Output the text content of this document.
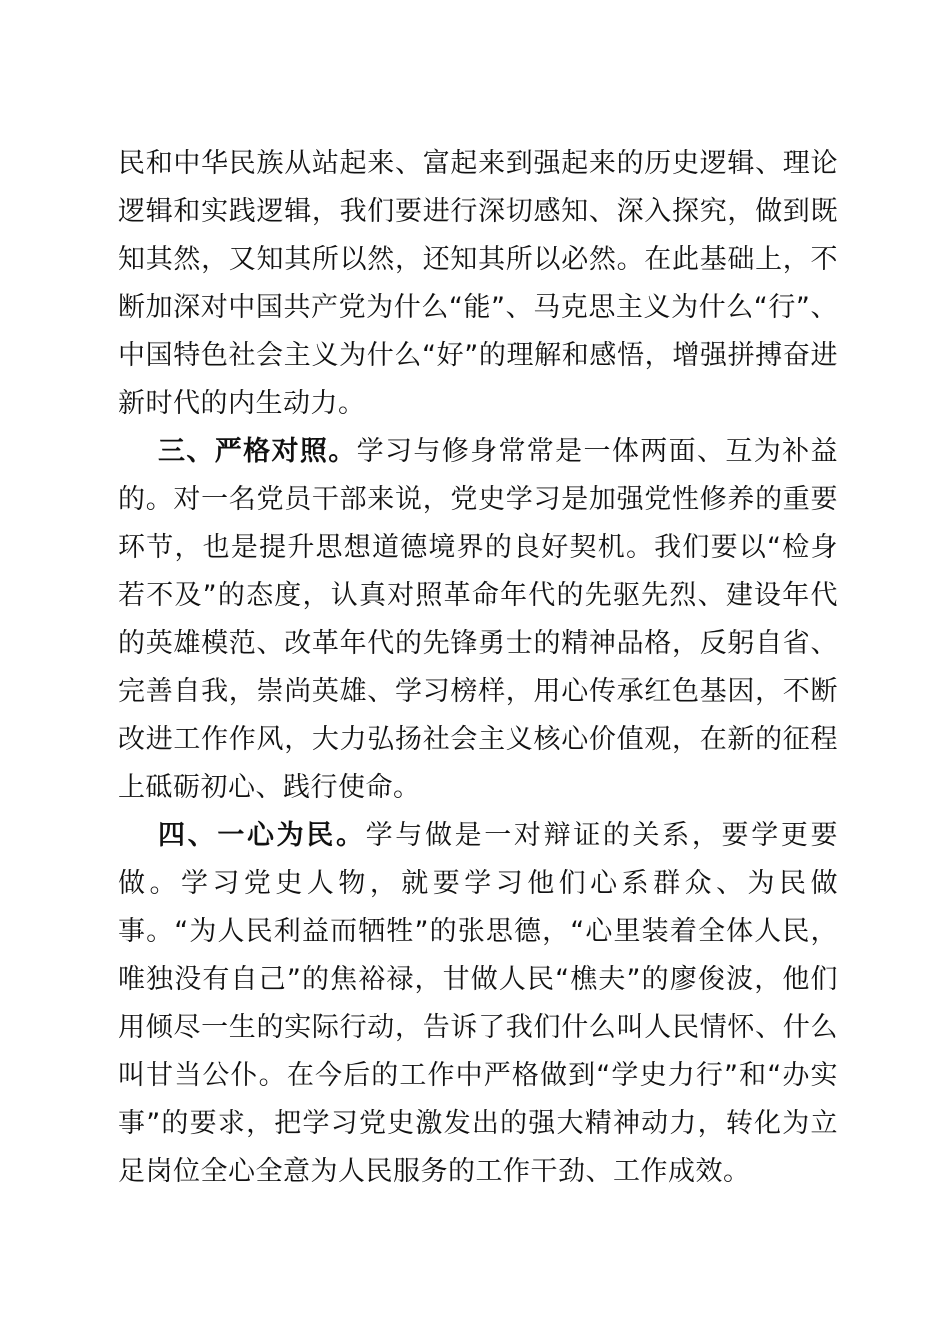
民和中华民族从站起来、富起来到强起来的历史逻辑、理论逻辑和实践逻辑，我们要进行深切感知、深入探究，做到既知其然，又知其所以然，还知其所以必然。在此基础上，不断加深对中国共产党为什么“能”、马克思主义为什么“行”、中国特色社会主义为什么“好”的理解和感悟，增强拼搏奋进新时代的内生动力。

三、严格对照。学习与修身常常是一体两面、互为补益的。对一名党员干部来说，党史学习是加强党性修养的重要环节，也是提升思想道德境界的良好契机。我们要以“检身若不及”的态度，认真对照革命年代的先驱先烈、建设年代的英雄模范、改革年代的先锋勇士的精神品格，反躬自省、完善自我，崇尚英雄、学习榜样，用心传承红色基因，不断改进工作作风，大力弘扬社会主义核心价值观，在新的征程上砥砺初心、践行使命。

四、一心为民。学与做是一对辩证的关系，要学更要做。学习党史人物，就要学习他们心系群众、为民做事。“为人民利益而牺牲”的张思德，“心里装着全体人民，唯独没有自己”的焦裕禄，甘做人民“樵夫”的廖俊波，他们用倾尽一生的实际行动，告诉了我们什么叫人民情怀、什么叫甘当公仆。在今后的工作中严格做到“学史力行”和“办实事”的要求，把学习党史激发出的强大精神动力，转化为立足岗位全心全意为人民服务的工作干劲、工作成效。
